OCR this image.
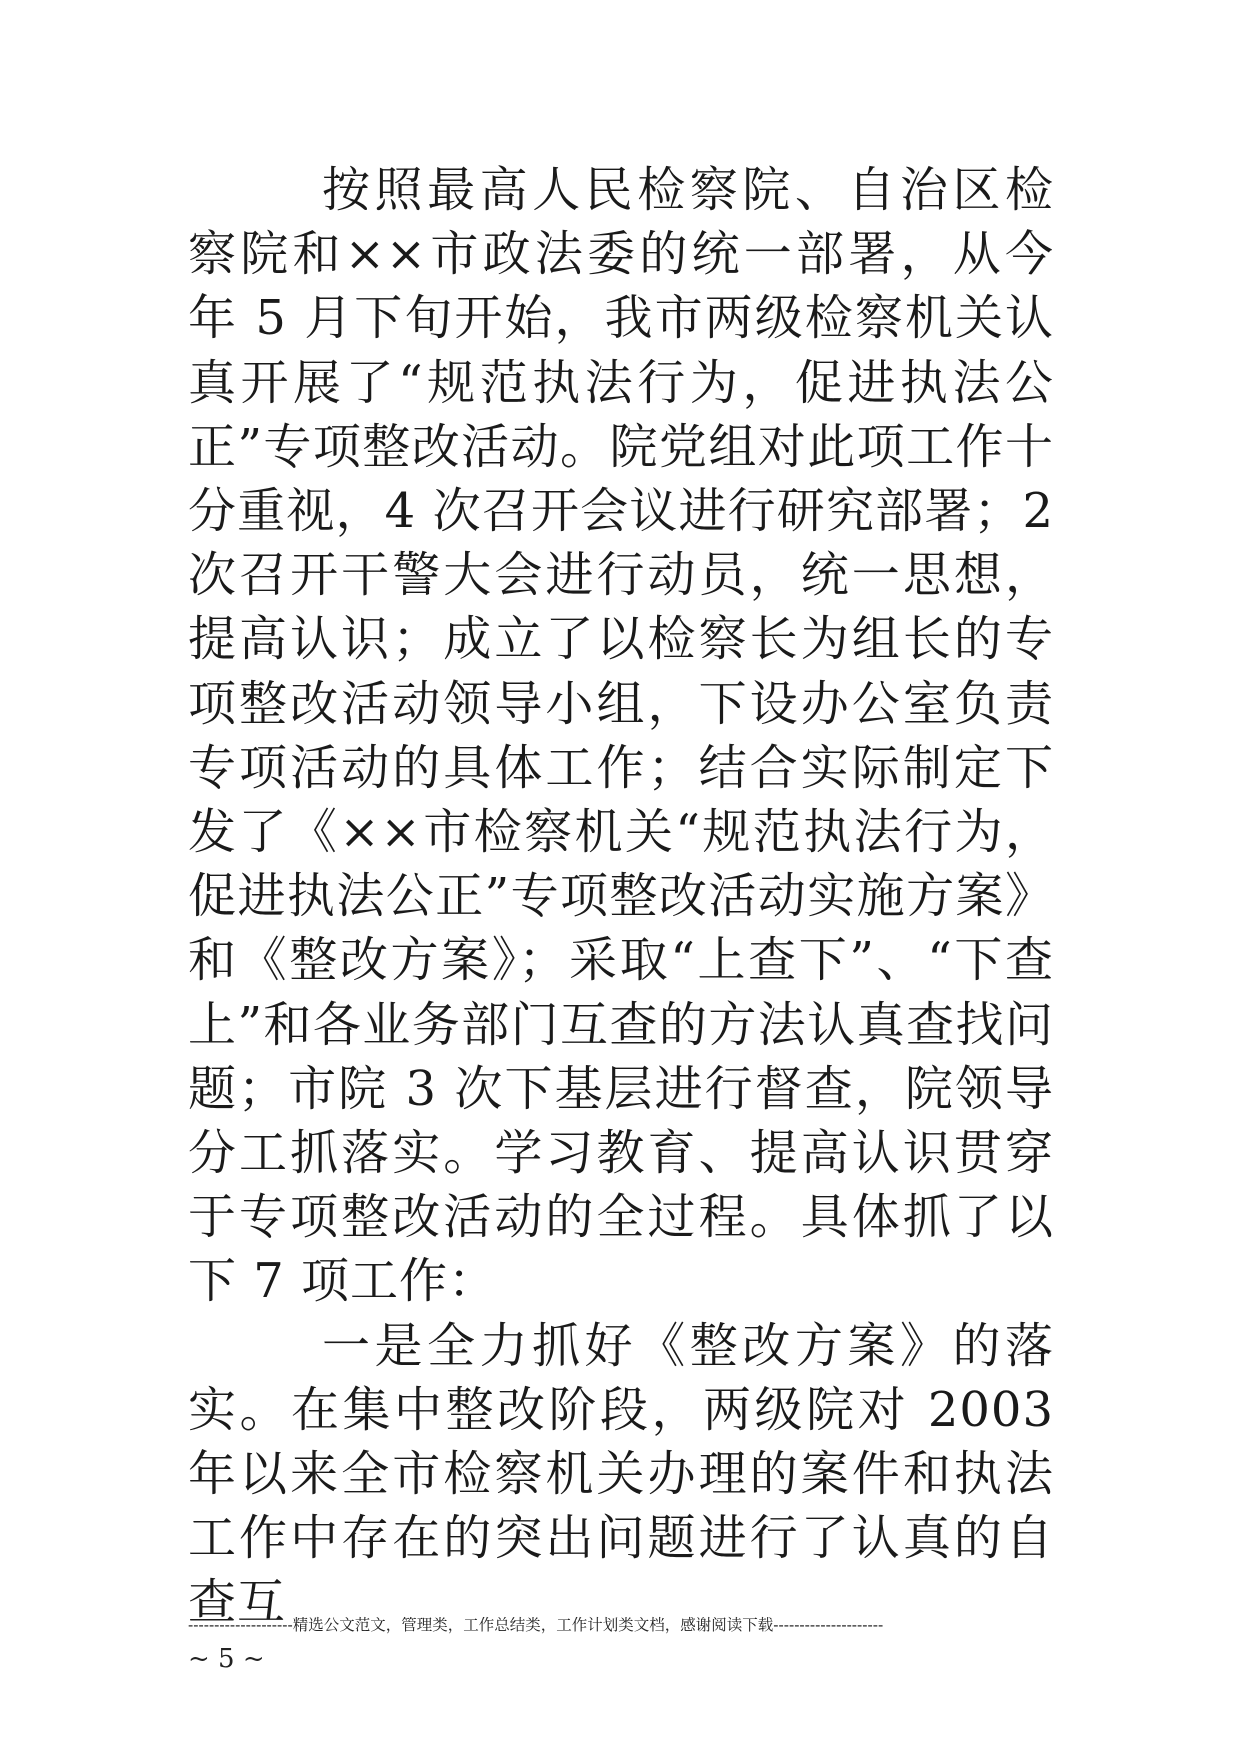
按照最高人民检察院、自治区检察院和××市政法委的统一部署，从今年 5 月下旬开始，我市两级检察机关认真开展了“规范执法行为，促进执法公正”专项整改活动。院党组对此项工作十分重视，4 次召开会议进行研究部署；2 次召开干警大会进行动员，统一思想，提高认识；成立了以检察长为组长的专项整改活动领导小组，下设办公室负责专项活动的具体工作；结合实际制定下发了《××市检察机关“规范执法行为，促进执法公正”专项整改活动实施方案》和《整改方案》；采取“上查下”、“下查上”和各业务部门互查的方法认真查找问题；市院 3 次下基层进行督查，院领导分工抓落实。学习教育、提高认识贯穿于专项整改活动的全过程。具体抓了以下 7 项工作：

一是全力抓好《整改方案》的落实。在集中整改阶段，两级院对 2003 年以来全市检察机关办理的案件和执法工作中存在的突出问题进行了认真的自查互

--------------------精选公文范文，管理类，工作总结类，工作计划类文档，感谢阅读下载---------------------
~ 5 ~
